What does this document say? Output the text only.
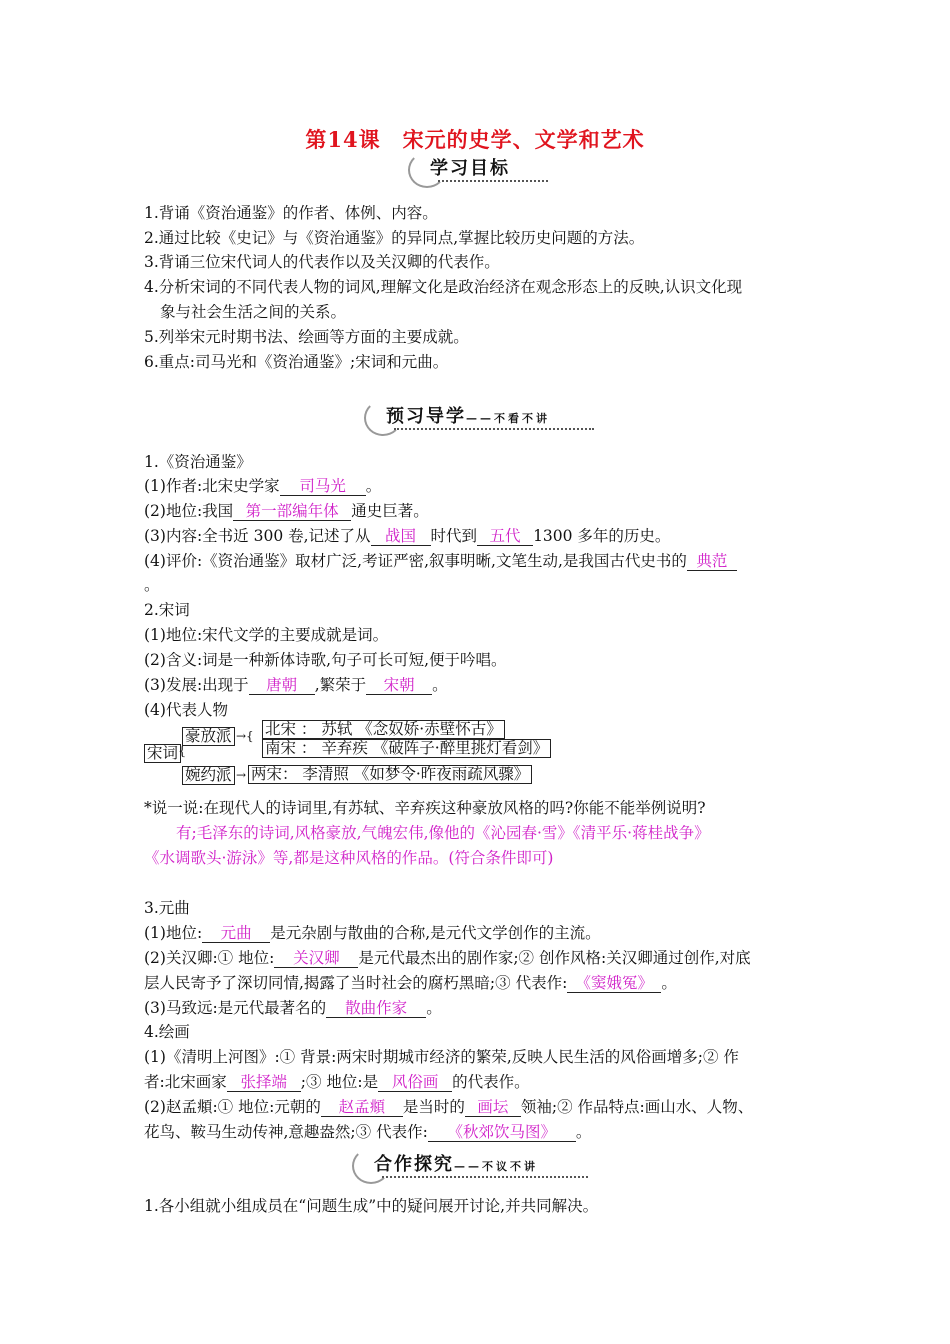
第14课　宋元的史学、文学和艺术
学习目标
1.背诵《资治通鉴》的作者、体例、内容。
2.通过比较《史记》与《资治通鉴》的异同点,掌握比较历史问题的方法。
3.背诵三位宋代词人的代表作以及关汉卿的代表作。
4.分析宋词的不同代表人物的词风,理解文化是政治经济在观念形态上的反映,认识文化现
象与社会生活之间的关系。
5.列举宋元时期书法、绘画等方面的主要成就。
6.重点:司马光和《资治通鉴》;宋词和元曲。
预习导学——不看不讲
1.《资治通鉴》
(1)作者:北宋史学家 司马光 。
(2)地位:我国 第一部编年体 通史巨著。
(3)内容:全书近 300 卷,记述了从 战国 时代到 五代 1300 多年的历史。
(4)评价:《资治通鉴》取材广泛,考证严密,叙事明晰,文笔生动,是我国古代史书的 典范
。
2.宋词
(1)地位:宋代文学的主要成就是词。
(2)含义:词是一种新体诗歌,句子可长可短,便于吟唱。
(3)发展:出现于 唐朝 ,繁荣于 宋朝 。
(4)代表人物
宋词 {
豪放派
婉约派
→{
→
北宋 ： 苏轼 《念奴娇·赤壁怀古》
南宋 ： 辛弃疾 《破阵子·醉里挑灯看剑》
两宋： 李清照 《如梦令·昨夜雨疏风骤》
*说一说:在现代人的诗词里,有苏轼、辛弃疾这种豪放风格的吗?你能不能举例说明?
有;毛泽东的诗词,风格豪放,气魄宏伟,像他的《沁园春·雪》《清平乐·蒋桂战争》
《水调歌头·游泳》等,都是这种风格的作品。(符合条件即可)
3.元曲
(1)地位: 元曲 是元杂剧与散曲的合称,是元代文学创作的主流。
(2)关汉卿:① 地位: 关汉卿 是元代最杰出的剧作家;② 创作风格:关汉卿通过创作,对底
层人民寄予了深切同情,揭露了当时社会的腐朽黑暗;③ 代表作: 《窦娥冤》 。
(3)马致远:是元代最著名的 散曲作家 。
4.绘画
(1)《清明上河图》:① 背景:两宋时期城市经济的繁荣,反映人民生活的风俗画增多;② 作
者:北宋画家 张择端 ;③ 地位:是 风俗画 的代表作。
(2)赵孟頫:① 地位:元朝的 赵孟頫 是当时的 画坛 领袖;② 作品特点:画山水、人物、
花鸟、鞍马生动传神,意趣盎然;③ 代表作: 《秋郊饮马图》 。
合作探究——不议不讲
1.各小组就小组成员在“问题生成”中的疑问展开讨论,并共同解决。
